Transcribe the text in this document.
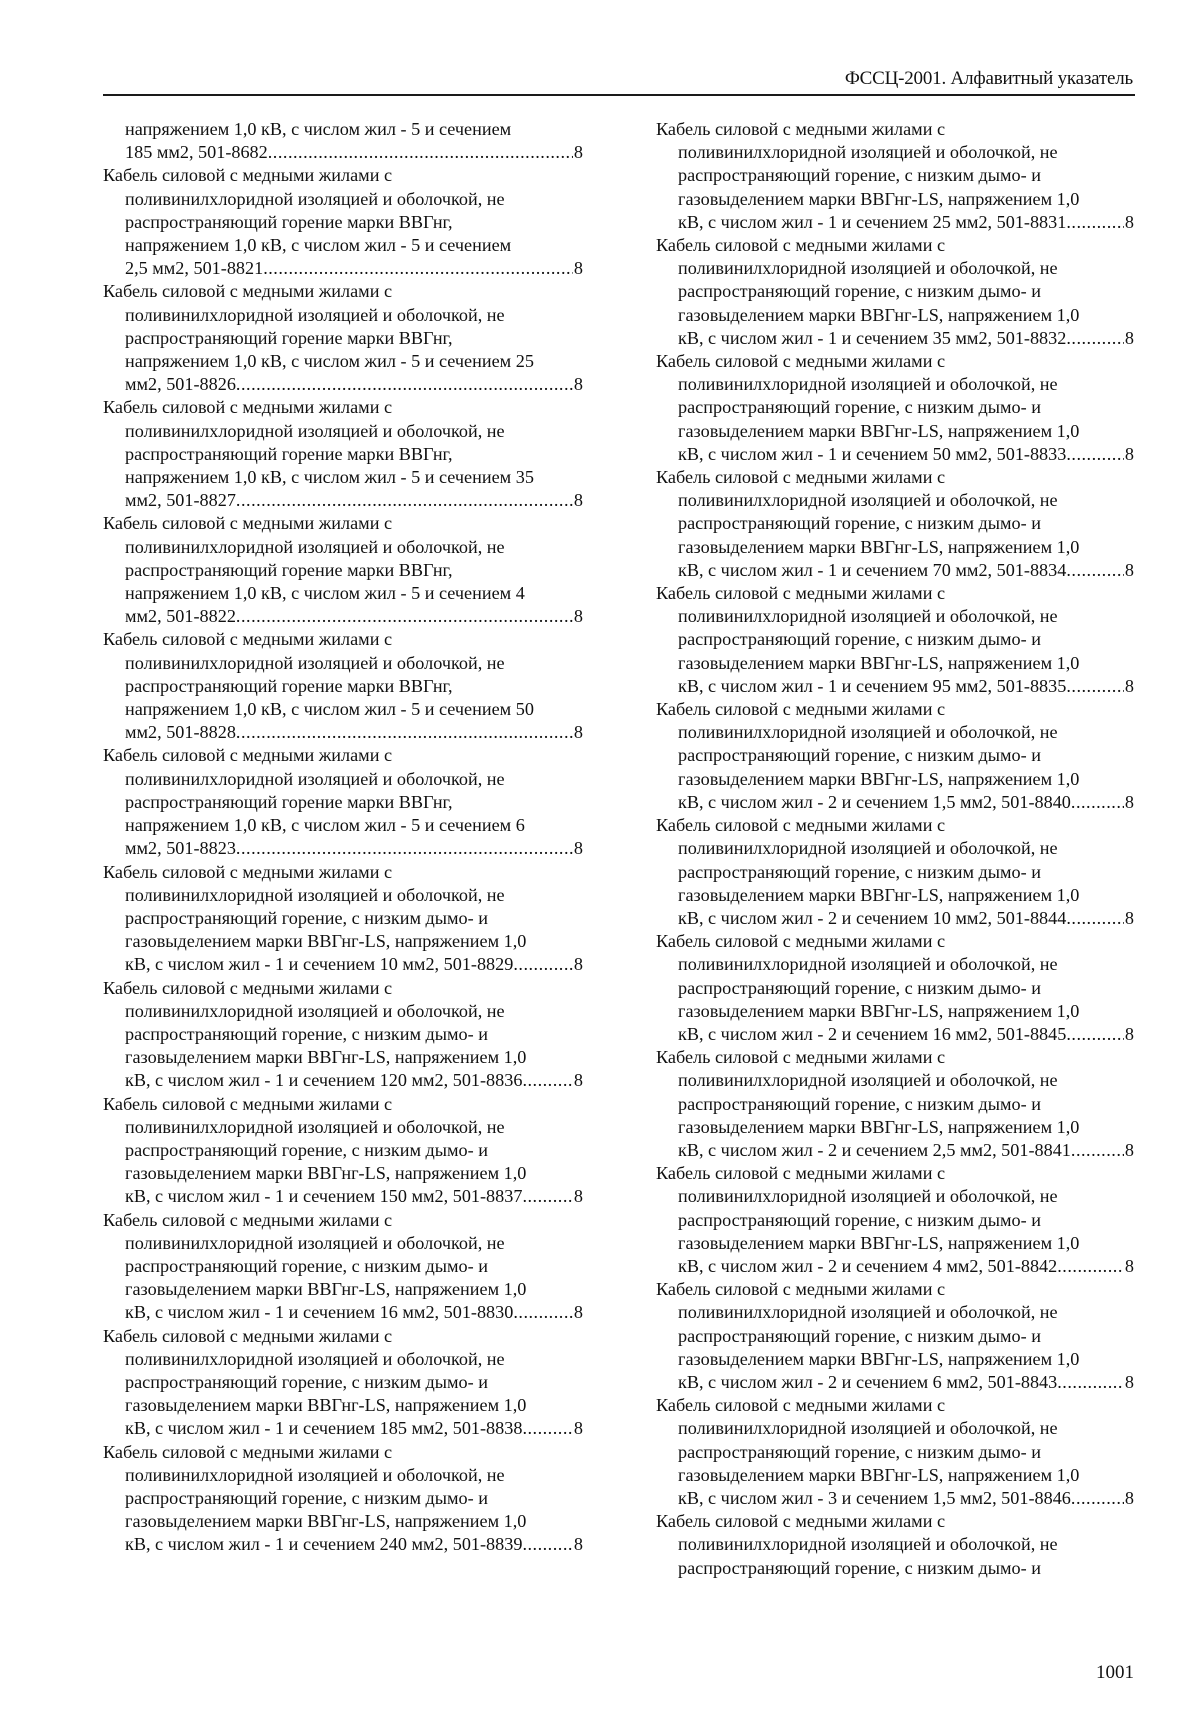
ФССЦ-2001. Алфавитный указатель
напряжением 1,0 кВ, с числом жил - 5 и сечением
185 мм2, 501-8682 .....	8
Кабель силовой с медными жилами с
поливинилхлоридной изоляцией и оболочкой, не
распространяющий горение марки ВВГнг,
напряжением 1,0 кВ, с числом жил - 5 и сечением
2,5 мм2, 501-8821 .....	8
Кабель силовой с медными жилами с
поливинилхлоридной изоляцией и оболочкой, не
распространяющий горение марки ВВГнг,
напряжением 1,0 кВ, с числом жил - 5 и сечением 25
мм2, 501-8826 .....	8
Кабель силовой с медными жилами с
поливинилхлоридной изоляцией и оболочкой, не
распространяющий горение марки ВВГнг,
напряжением 1,0 кВ, с числом жил - 5 и сечением 35
мм2, 501-8827 .....	8
Кабель силовой с медными жилами с
поливинилхлоридной изоляцией и оболочкой, не
распространяющий горение марки ВВГнг,
напряжением 1,0 кВ, с числом жил - 5 и сечением 4
мм2, 501-8822 .....	8
Кабель силовой с медными жилами с
поливинилхлоридной изоляцией и оболочкой, не
распространяющий горение марки ВВГнг,
напряжением 1,0 кВ, с числом жил - 5 и сечением 50
мм2, 501-8828 .....	8
Кабель силовой с медными жилами с
поливинилхлоридной изоляцией и оболочкой, не
распространяющий горение марки ВВГнг,
напряжением 1,0 кВ, с числом жил - 5 и сечением 6
мм2, 501-8823 .....	8
Кабель силовой с медными жилами с
поливинилхлоридной изоляцией и оболочкой, не
распространяющий горение, с низким дымо- и
газовыделением марки ВВГнг-LS, напряжением 1,0
кВ, с числом жил - 1 и сечением 10 мм2, 501-8829 .....	8
Кабель силовой с медными жилами с
поливинилхлоридной изоляцией и оболочкой, не
распространяющий горение, с низким дымо- и
газовыделением марки ВВГнг-LS, напряжением 1,0
кВ, с числом жил - 1 и сечением 120 мм2, 501-8836 .....	8
Кабель силовой с медными жилами с
поливинилхлоридной изоляцией и оболочкой, не
распространяющий горение, с низким дымо- и
газовыделением марки ВВГнг-LS, напряжением 1,0
кВ, с числом жил - 1 и сечением 150 мм2, 501-8837 .....	8
Кабель силовой с медными жилами с
поливинилхлоридной изоляцией и оболочкой, не
распространяющий горение, с низким дымо- и
газовыделением марки ВВГнг-LS, напряжением 1,0
кВ, с числом жил - 1 и сечением 16 мм2, 501-8830 .....	8
Кабель силовой с медными жилами с
поливинилхлоридной изоляцией и оболочкой, не
распространяющий горение, с низким дымо- и
газовыделением марки ВВГнг-LS, напряжением 1,0
кВ, с числом жил - 1 и сечением 185 мм2, 501-8838 .....	8
Кабель силовой с медными жилами с
поливинилхлоридной изоляцией и оболочкой, не
распространяющий горение, с низким дымо- и
газовыделением марки ВВГнг-LS, напряжением 1,0
кВ, с числом жил - 1 и сечением 240 мм2, 501-8839 .....	8
Кабель силовой с медными жилами с
поливинилхлоридной изоляцией и оболочкой, не
распространяющий горение, с низким дымо- и
газовыделением марки ВВГнг-LS, напряжением 1,0
кВ, с числом жил - 1 и сечением 25 мм2, 501-8831 .....	8
Кабель силовой с медными жилами с
поливинилхлоридной изоляцией и оболочкой, не
распространяющий горение, с низким дымо- и
газовыделением марки ВВГнг-LS, напряжением 1,0
кВ, с числом жил - 1 и сечением 35 мм2, 501-8832 .....	8
Кабель силовой с медными жилами с
поливинилхлоридной изоляцией и оболочкой, не
распространяющий горение, с низким дымо- и
газовыделением марки ВВГнг-LS, напряжением 1,0
кВ, с числом жил - 1 и сечением 50 мм2, 501-8833 .....	8
Кабель силовой с медными жилами с
поливинилхлоридной изоляцией и оболочкой, не
распространяющий горение, с низким дымо- и
газовыделением марки ВВГнг-LS, напряжением 1,0
кВ, с числом жил - 1 и сечением 70 мм2, 501-8834 .....	8
Кабель силовой с медными жилами с
поливинилхлоридной изоляцией и оболочкой, не
распространяющий горение, с низким дымо- и
газовыделением марки ВВГнг-LS, напряжением 1,0
кВ, с числом жил - 1 и сечением 95 мм2, 501-8835 .....	8
Кабель силовой с медными жилами с
поливинилхлоридной изоляцией и оболочкой, не
распространяющий горение, с низким дымо- и
газовыделением марки ВВГнг-LS, напряжением 1,0
кВ, с числом жил - 2 и сечением 1,5 мм2, 501-8840 .....	8
Кабель силовой с медными жилами с
поливинилхлоридной изоляцией и оболочкой, не
распространяющий горение, с низким дымо- и
газовыделением марки ВВГнг-LS, напряжением 1,0
кВ, с числом жил - 2 и сечением 10 мм2, 501-8844 .....	8
Кабель силовой с медными жилами с
поливинилхлоридной изоляцией и оболочкой, не
распространяющий горение, с низким дымо- и
газовыделением марки ВВГнг-LS, напряжением 1,0
кВ, с числом жил - 2 и сечением 16 мм2, 501-8845 .....	8
Кабель силовой с медными жилами с
поливинилхлоридной изоляцией и оболочкой, не
распространяющий горение, с низким дымо- и
газовыделением марки ВВГнг-LS, напряжением 1,0
кВ, с числом жил - 2 и сечением 2,5 мм2, 501-8841 .....	8
Кабель силовой с медными жилами с
поливинилхлоридной изоляцией и оболочкой, не
распространяющий горение, с низким дымо- и
газовыделением марки ВВГнг-LS, напряжением 1,0
кВ, с числом жил - 2 и сечением 4 мм2, 501-8842 .....	8
Кабель силовой с медными жилами с
поливинилхлоридной изоляцией и оболочкой, не
распространяющий горение, с низким дымо- и
газовыделением марки ВВГнг-LS, напряжением 1,0
кВ, с числом жил - 2 и сечением 6 мм2, 501-8843 .....	8
Кабель силовой с медными жилами с
поливинилхлоридной изоляцией и оболочкой, не
распространяющий горение, с низким дымо- и
газовыделением марки ВВГнг-LS, напряжением 1,0
кВ, с числом жил - 3 и сечением 1,5 мм2, 501-8846 .....	8
Кабель силовой с медными жилами с
поливинилхлоридной изоляцией и оболочкой, не
распространяющий горение, с низким дымо- и
1001
